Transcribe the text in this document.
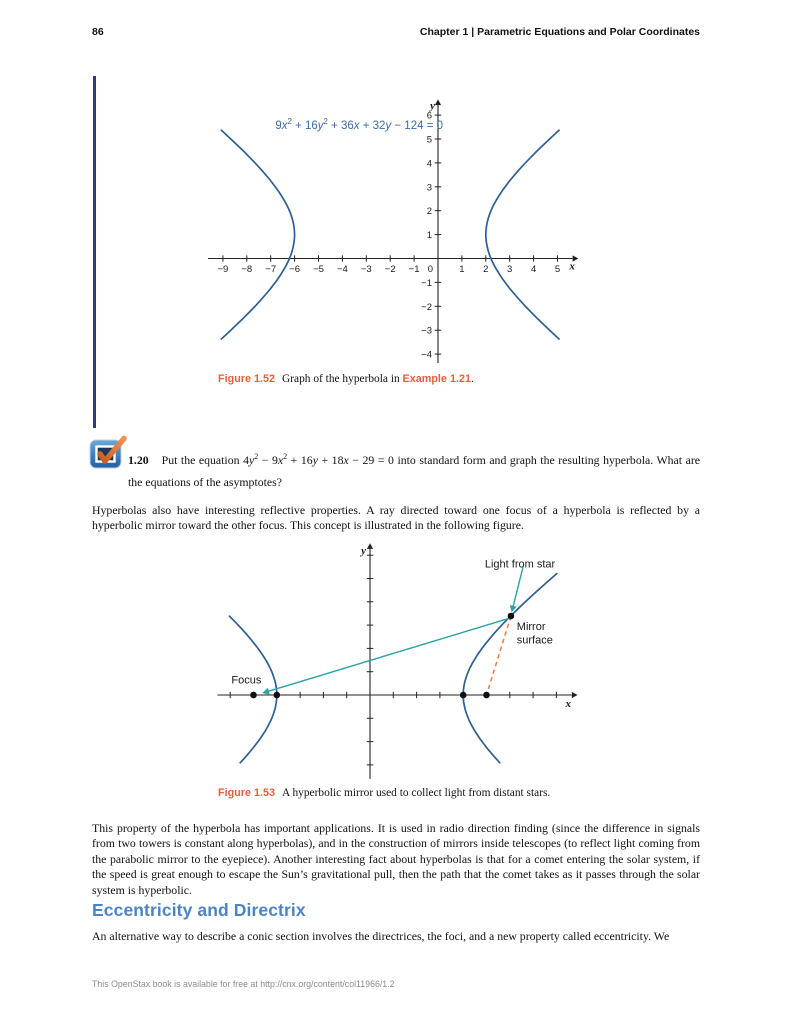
86	Chapter 1 | Parametric Equations and Polar Coordinates
−9 −8 −7 −6 −5 −4 −3 −2 −1	1 2 3 4 5
0
−4
−3
−2
−1
1
2
3
4
5
6
x
y
$9x^2 + 16y^2 + 36x + 32y - 124 = 0$

Figure 1.52 Graph of the hyperbola in Example 1.21.

1.20 Put the equation $4y^2 - 9x^2 + 16y + 18x - 29 = 0$ into standard form and graph the resulting hyperbola. What are the equations of the asymptotes?

Hyperbolas also have interesting reflective properties. A ray directed toward one focus of a hyperbola is reflected by a hyperbolic mirror toward the other focus. This concept is illustrated in the following figure.

x
y
Light from star
Mirror
surface
Focus

Figure 1.53 A hyperbolic mirror used to collect light from distant stars.

This property of the hyperbola has important applications. It is used in radio direction finding (since the difference in signals from two towers is constant along hyperbolas), and in the construction of mirrors inside telescopes (to reflect light coming from the parabolic mirror to the eyepiece). Another interesting fact about hyperbolas is that for a comet entering the solar system, if the speed is great enough to escape the Sun’s gravitational pull, then the path that the comet takes as it passes through the solar system is hyperbolic.

Eccentricity and Directrix

An alternative way to describe a conic section involves the directrices, the foci, and a new property called eccentricity. We

This OpenStax book is available for free at http://cnx.org/content/col11966/1.2
